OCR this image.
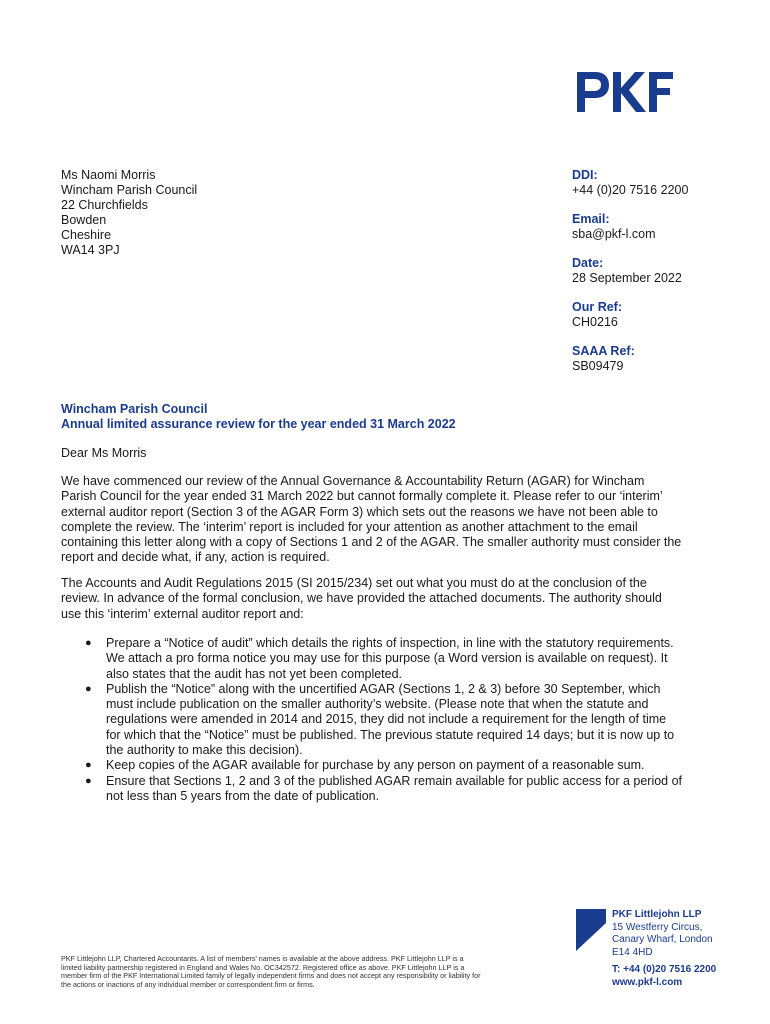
Ms Naomi Morris
Wincham Parish Council
22 Churchfields
Bowden
Cheshire
WA14 3PJ
DDI:
+44 (0)20 7516 2200
Email:
sba@pkf-l.com
Date:
28 September 2022
Our Ref:
CH0216
SAAA Ref:
SB09479
Wincham Parish Council
Annual limited assurance review for the year ended 31 March 2022
Dear Ms Morris
We have commenced our review of the Annual Governance & Accountability Return (AGAR) for Wincham Parish Council for the year ended 31 March 2022 but cannot formally complete it. Please refer to our ‘interim’ external auditor report (Section 3 of the AGAR Form 3) which sets out the reasons we have not been able to complete the review. The ‘interim’ report is included for your attention as another attachment to the email containing this letter along with a copy of Sections 1 and 2 of the AGAR. The smaller authority must consider the report and decide what, if any, action is required.
The Accounts and Audit Regulations 2015 (SI 2015/234) set out what you must do at the conclusion of the review. In advance of the formal conclusion, we have provided the attached documents. The authority should use this ‘interim’ external auditor report and:
● Prepare a “Notice of audit” which details the rights of inspection, in line with the statutory requirements. We attach a pro forma notice you may use for this purpose (a Word version is available on request). It also states that the audit has not yet been completed.
● Publish the “Notice” along with the uncertified AGAR (Sections 1, 2 & 3) before 30 September, which must include publication on the smaller authority’s website. (Please note that when the statute and regulations were amended in 2014 and 2015, they did not include a requirement for the length of time for which that the “Notice” must be published. The previous statute required 14 days; but it is now up to the authority to make this decision).
● Keep copies of the AGAR available for purchase by any person on payment of a reasonable sum.
● Ensure that Sections 1, 2 and 3 of the published AGAR remain available for public access for a period of not less than 5 years from the date of publication.
PKF Littlejohn LLP, Chartered Accountants. A list of members’ names is available at the above address. PKF Littlejohn LLP is a limited liability partnership registered in England and Wales No. OC342572. Registered office as above. PKF Littlejohn LLP is a member firm of the PKF International Limited family of legally independent firms and does not accept any responsibility or liability for the actions or inactions of any individual member or correspondent firm or firms.
PKF Littlejohn LLP
15 Westferry Circus,
Canary Wharf, London
E14 4HD
T: +44 (0)20 7516 2200
www.pkf-l.com
